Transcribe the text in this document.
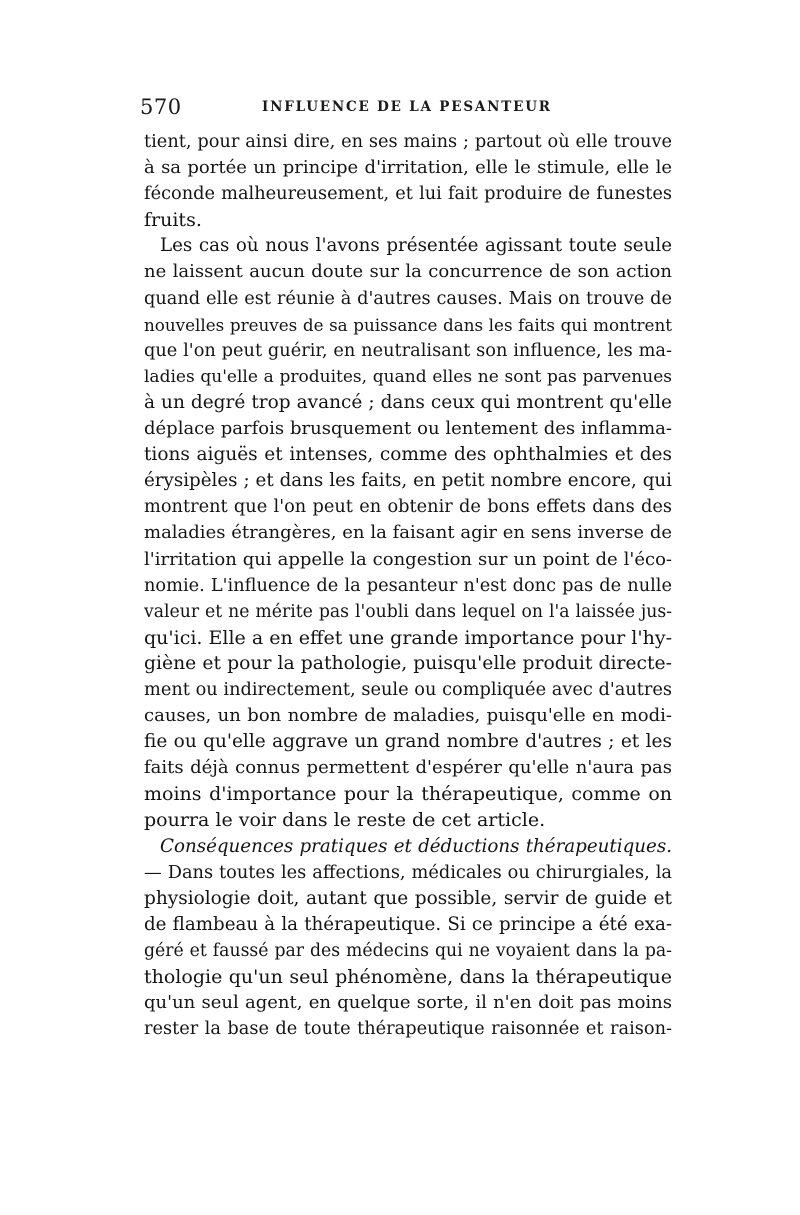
570	INFLUENCE DE LA PESANTEUR
tient, pour ainsi dire, en ses mains ; partout où elle trouve
à sa portée un principe d'irritation, elle le stimule, elle le
féconde malheureusement, et lui fait produire de funestes
fruits.
Les cas où nous l'avons présentée agissant toute seule
ne laissent aucun doute sur la concurrence de son action
quand elle est réunie à d'autres causes. Mais on trouve de
nouvelles preuves de sa puissance dans les faits qui montrent
que l'on peut guérir, en neutralisant son influence, les ma-
ladies qu'elle a produites, quand elles ne sont pas parvenues
à un degré trop avancé ; dans ceux qui montrent qu'elle
déplace parfois brusquement ou lentement des inflamma-
tions aiguës et intenses, comme des ophthalmies et des
érysipèles ; et dans les faits, en petit nombre encore, qui
montrent que l'on peut en obtenir de bons effets dans des
maladies étrangères, en la faisant agir en sens inverse de
l'irritation qui appelle la congestion sur un point de l'éco-
nomie. L'influence de la pesanteur n'est donc pas de nulle
valeur et ne mérite pas l'oubli dans lequel on l'a laissée jus-
qu'ici. Elle a en effet une grande importance pour l'hy-
giène et pour la pathologie, puisqu'elle produit directe-
ment ou indirectement, seule ou compliquée avec d'autres
causes, un bon nombre de maladies, puisqu'elle en modi-
fie ou qu'elle aggrave un grand nombre d'autres ; et les
faits déjà connus permettent d'espérer qu'elle n'aura pas
moins d'importance pour la thérapeutique, comme on
pourra le voir dans le reste de cet article.
Conséquences pratiques et déductions thérapeutiques.
— Dans toutes les affections, médicales ou chirurgiales, la
physiologie doit, autant que possible, servir de guide et
de flambeau à la thérapeutique. Si ce principe a été exa-
géré et faussé par des médecins qui ne voyaient dans la pa-
thologie qu'un seul phénomène, dans la thérapeutique
qu'un seul agent, en quelque sorte, il n'en doit pas moins
rester la base de toute thérapeutique raisonnée et raison-
